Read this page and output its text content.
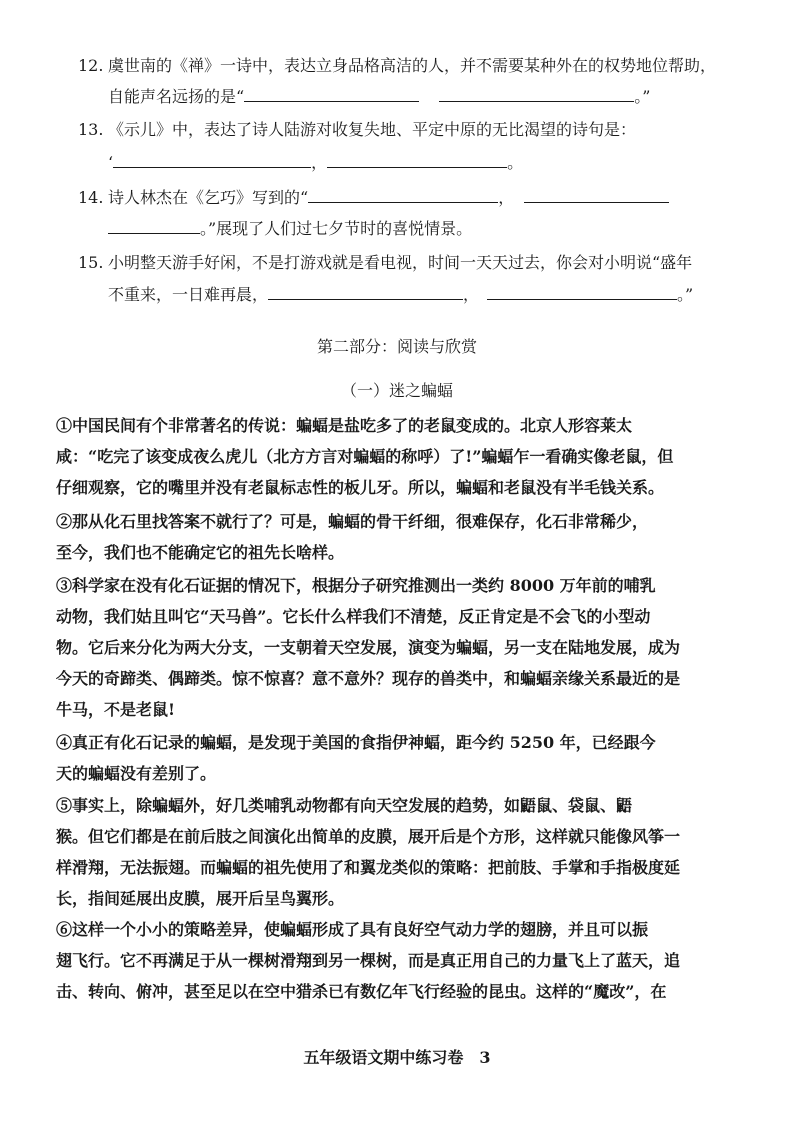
12. 虞世南的《禅》一诗中，表达立身品格高洁的人，并不需要某种外在的权势地位帮助，
自能声名远扬的是“	。”
13. 《示儿》中，表达了诗人陆游对收复失地、平定中原的无比渴望的诗句是：
‘	，	。
14. 诗人林杰在《乞巧》写到的“	，
。”展现了人们过七夕节时的喜悦情景。
15. 小明整天游手好闲，不是打游戏就是看电视，时间一天天过去，你会对小明说“盛年
不重来，一日难再晨，	，	。”
第二部分：阅读与欣赏
（一）迷之蝙蝠
①中国民间有个非常著名的传说：蝙蝠是盐吃多了的老鼠变成的。北京人形容莱太
咸：“吃完了该变成夜么虎儿（北方方言对蝙蝠的称呼）了!”蝙蝠乍一看确实像老鼠，但
仔细观察，它的嘴里并没有老鼠标志性的板儿牙。所以，蝙蝠和老鼠没有半毛钱关系。
②那从化石里找答案不就行了？可是，蝙蝠的骨干纤细，很难保存，化石非常稀少，
至今，我们也不能确定它的祖先长啥样。
③科学家在没有化石证据的情况下，根据分子研究推测出一类约 8000 万年前的哺乳
动物，我们姑且叫它“天马兽”。它长什么样我们不清楚，反正肯定是不会飞的小型动
物。它后来分化为两大分支，一支朝着天空发展，演变为蝙蝠，另一支在陆地发展，成为
今天的奇蹄类、偶蹄类。惊不惊喜？意不意外？现存的兽类中，和蝙蝠亲缘关系最近的是
牛马，不是老鼠!
④真正有化石记录的蝙蝠，是发现于美国的食指伊神蝠，距今约 5250 年，已经跟今
天的蝙蝠没有差别了。
⑤事实上，除蝙蝠外，好几类哺乳动物都有向天空发展的趋势，如鼯鼠、袋鼠、鼯
猴。但它们都是在前后肢之间演化出简单的皮膜，展开后是个方形，这样就只能像风筝一
样滑翔，无法振翅。而蝙蝠的祖先使用了和翼龙类似的策略：把前肢、手掌和手指极度延
长，指间延展出皮膜，展开后呈鸟翼形。
⑥这样一个小小的策略差异，使蝙蝠形成了具有良好空气动力学的翅膀，并且可以振
翅飞行。它不再满足于从一棵树滑翔到另一棵树，而是真正用自己的力量飞上了蓝天，追
击、转向、俯冲，甚至足以在空中猎杀已有数亿年飞行经验的昆虫。这样的“魔改”，在
五年级语文期中练习卷　3
